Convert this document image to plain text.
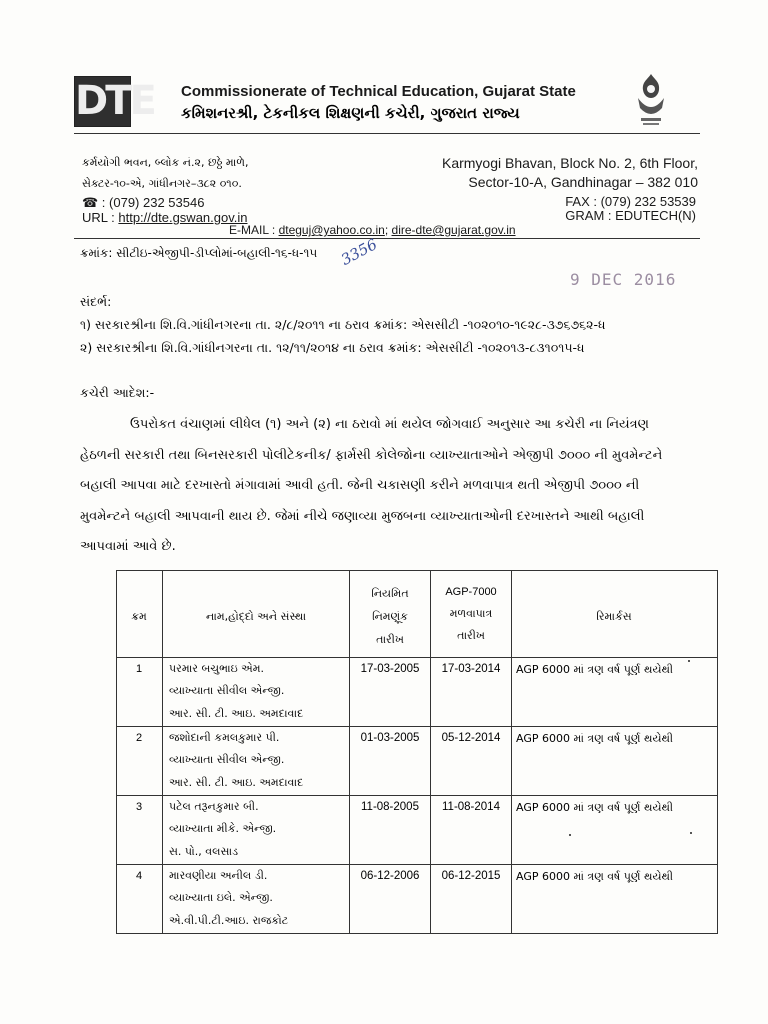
DTE Commissionerate of Technical Education, Gujarat State
કમિશનરશ્રી, ટેકનીકલ શિક્ષણની કચેરી, ગુજરાત રાજ્ય
કર્મયોગી ભવન, બ્લોક નં.૨, છઠ્ઠે માળે,
સેક્ટર-૧૦-એ, ગાંધીનગર–૩૮૨ ૦૧૦.
☎ : (079) 232 53546
URL : http://dte.gswan.gov.in
Karmyogi Bhavan, Block No. 2, 6th Floor,
Sector-10-A, Gandhinagar – 382 010
FAX : (079) 232 53539
GRAM : EDUTECH(N)
E-MAIL : dteguj@yahoo.co.in; dire-dte@gujarat.gov.in
ક્રમાંક: સીટીઇ-એજીપી-ડીપ્લોમાં-બહાલી-૧૬-ધ-૧૫ 3356
9 DEC 2016
સંદર્ભ:
૧) સરકારશ્રીના શિ.વિ.ગાંધીનગરના તા. ૨/૮/૨૦૧૧ ના ઠરાવ ક્રમાંક: એસસીટી -૧૦૨૦૧૦-૧૯૨૮-૩૭૬૭૬૨-ધ
૨) સરકારશ્રીના શિ.વિ.ગાંધીનગરના તા. ૧૨/૧૧/૨૦૧૪ ના ઠરાવ ક્રમાંક: એસસીટી -૧૦૨૦૧૩-૮૩૧૦૧૫-ધ
કચેરી આદેશ:-
ઉપરોકત વંચાણમાં લીધેલ (૧) અને (૨) ના ઠરાવો માં થયેલ જોગવાઈ અનુસાર આ કચેરી ના નિયંત્રણ
હેઠળની સરકારી તથા બિનસરકારી પોલીટેકનીક/ ફાર્મસી કોલેજોના વ્યાખ્યાતાઓને એજીપી ૭૦૦૦ ની મુવમેન્ટને
બહાલી આપવા માટે દરખાસ્તો મંગાવામાં આવી હતી. જેની ચકાસણી કરીને મળવાપાત્ર થતી એજીપી ૭૦૦૦ ની
મુવમેન્ટને બહાલી આપવાની થાય છે. જેમાં નીચે જણાવ્યા મુજબના વ્યાખ્યાતાઓની દરખાસ્તને આથી બહાલી
આપવામાં આવે છે.
ક્રમ	નામ,હોદ્દો અને સંસ્થા	નિયમિત
નિમણૂંક
તારીખ	AGP-7000
મળવાપાત્ર
તારીખ	રિમાર્કસ

1	પરમાર બચુભાઇ એમ.
વ્યાખ્યાતા સીવીલ એન્જી.
આર. સી. ટી. આઇ. અમદાવાદ	17-03-2005	17-03-2014	AGP 6000 માં ત્રણ વર્ષ પૂર્ણ થયેથી

2	જશોદાની કમલકુમાર પી.
વ્યાખ્યાતા સીવીલ એન્જી.
આર. સી. ટી. આઇ. અમદાવાદ	01-03-2005	05-12-2014	AGP 6000 માં ત્રણ વર્ષ પૂર્ણ થયેથી

3	પટેલ તરૂનકુમાર બી.
વ્યાખ્યાતા મીકે. એન્જી.
સ. પો., વલસાડ	11-08-2005	11-08-2014	AGP 6000 માં ત્રણ વર્ષ પૂર્ણ થયેથી

4	મારવણીયા અનીલ ડી.
વ્યાખ્યાતા ઇલે. એન્જી.
એ.વી.પી.ટી.આઇ. રાજકોટ	06-12-2006	06-12-2015	AGP 6000 માં ત્રણ વર્ષ પૂર્ણ થયેથી
